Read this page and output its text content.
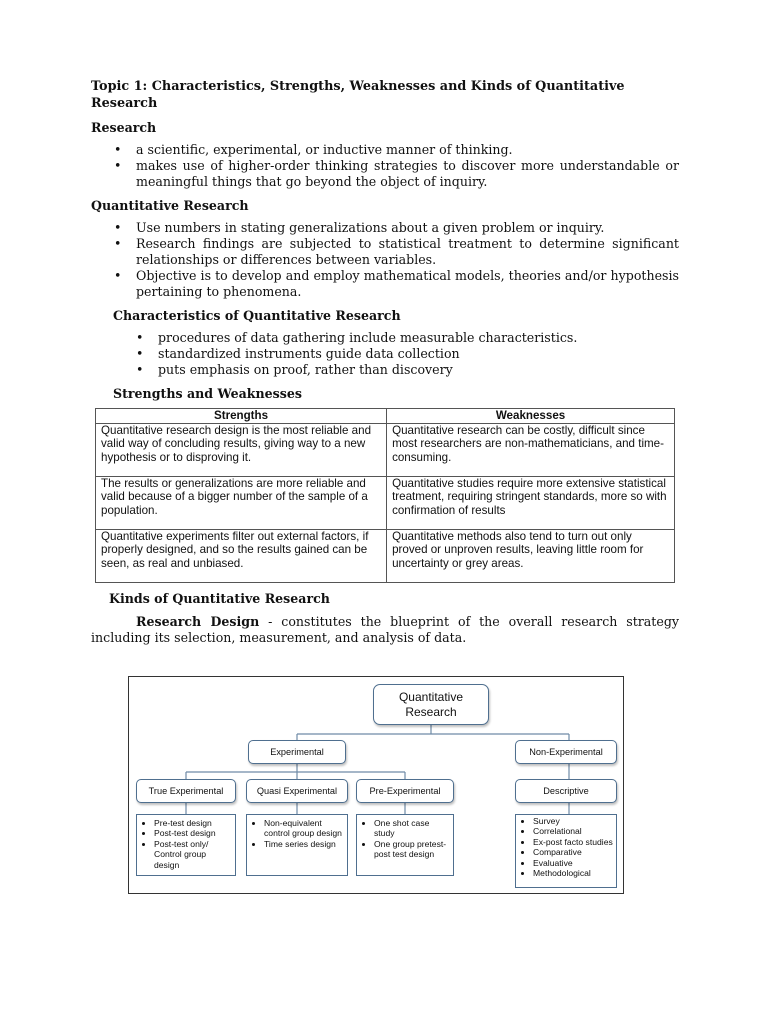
Topic 1: Characteristics, Strengths, Weaknesses and Kinds of Quantitative Research
Research
• a scientific, experimental, or inductive manner of thinking.
• makes use of higher-order thinking strategies to discover more understandable or meaningful things that go beyond the object of inquiry.
Quantitative Research
• Use numbers in stating generalizations about a given problem or inquiry.
• Research findings are subjected to statistical treatment to determine significant relationships or differences between variables.
• Objective is to develop and employ mathematical models, theories and/or hypothesis pertaining to phenomena.
Characteristics of Quantitative Research
• procedures of data gathering include measurable characteristics.
• standardized instruments guide data collection
• puts emphasis on proof, rather than discovery
Strengths and Weaknesses
Strengths	Weaknesses
Quantitative research design is the most reliable and valid way of concluding results, giving way to a new hypothesis or to disproving it.	Quantitative research can be costly, difficult since most researchers are non-mathematicians, and time-consuming.
The results or generalizations are more reliable and valid because of a bigger number of the sample of a population.	Quantitative studies require more extensive statistical treatment, requiring stringent standards, more so with confirmation of results
Quantitative experiments filter out external factors, if properly designed, and so the results gained can be seen, as real and unbiased.	Quantitative methods also tend to turn out only proved or unproven results, leaving little room for uncertainty or grey areas.
Kinds of Quantitative Research

Research Design - constitutes the blueprint of the overall research strategy including its selection, measurement, and analysis of data.

Quantitative Research
Experimental	Non-Experimental
True Experimental	Quasi Experimental	Pre-Experimental	Descriptive
• Pre-test design
• Post-test design
• Post-test only/ Control group design
• Non-equivalent control group design
• Time series design
• One shot case study
• One group pretest-post test design
• Survey
• Correlational
• Ex-post facto studies
• Comparative
• Evaluative
• Methodological
